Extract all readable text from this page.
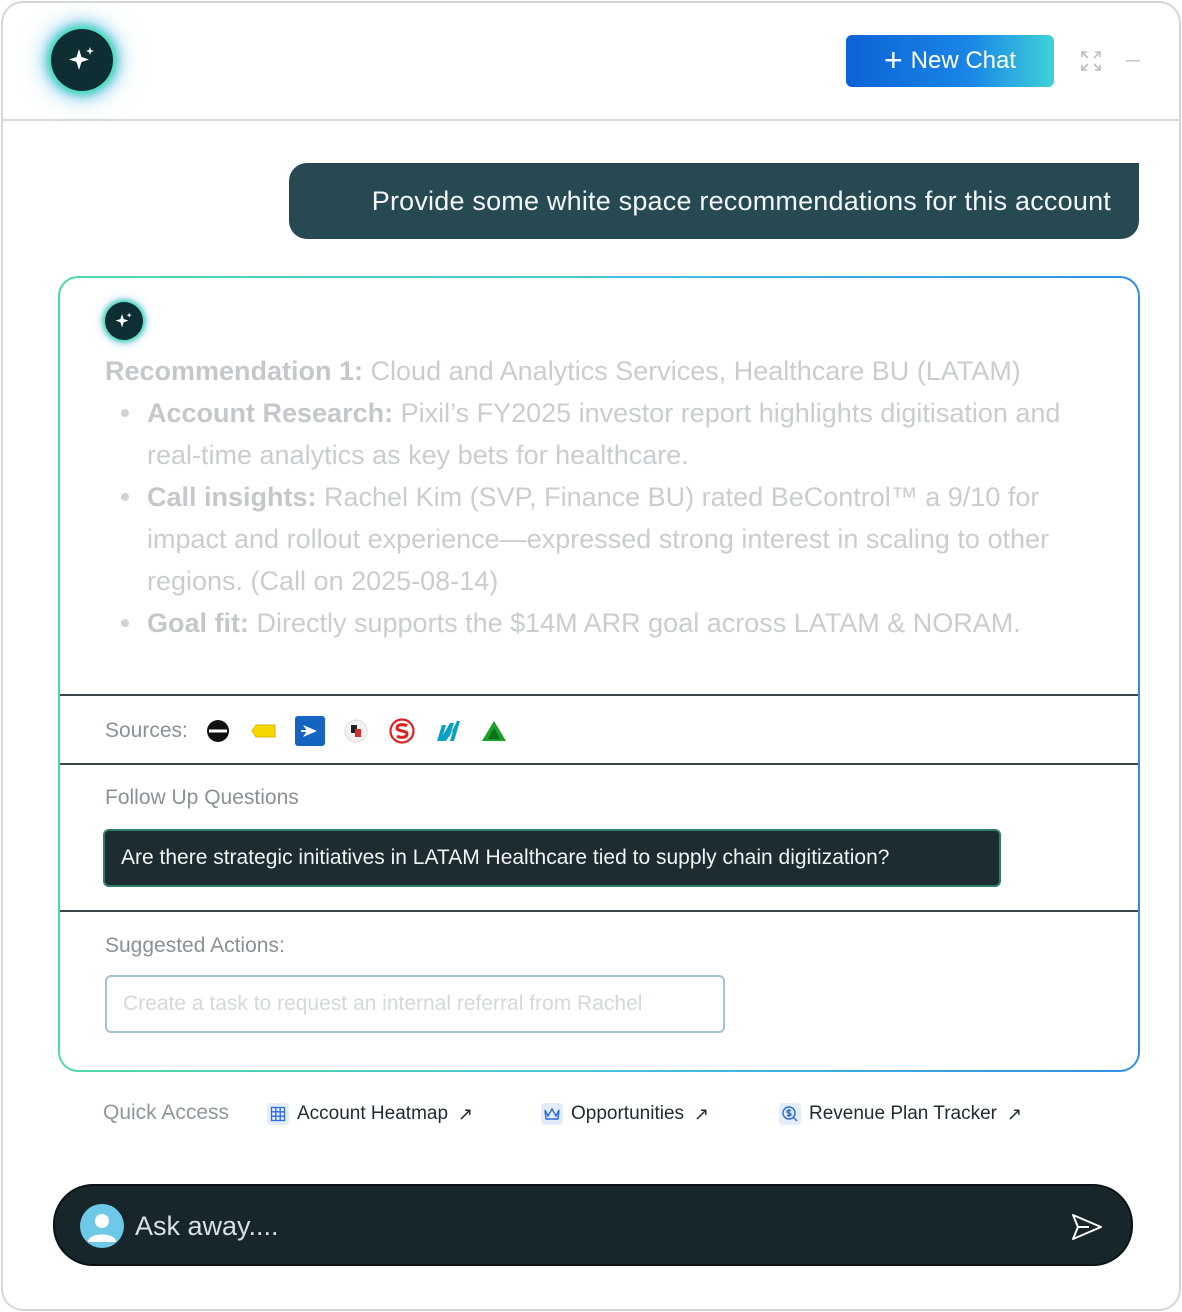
+ New Chat
Provide some white space recommendations for this account
Recommendation 1: Cloud and Analytics Services, Healthcare BU (LATAM)
Account Research: Pixil’s FY2025 investor report highlights digitisation and real-time analytics as key bets for healthcare.
Call insights: Rachel Kim (SVP, Finance BU) rated BeControl™ a 9/10 for impact and rollout experience—expressed strong interest in scaling to other regions. (Call on 2025-08-14)
Goal fit: Directly supports the $14M ARR goal across LATAM & NORAM.
Sources:
Follow Up Questions
Are there strategic initiatives in LATAM Healthcare tied to supply chain digitization?
Suggested Actions:
Create a task to request an internal referral from Rachel
Quick Access	Account Heatmap ↗	Opportunities ↗	Revenue Plan Tracker ↗
Ask away....
